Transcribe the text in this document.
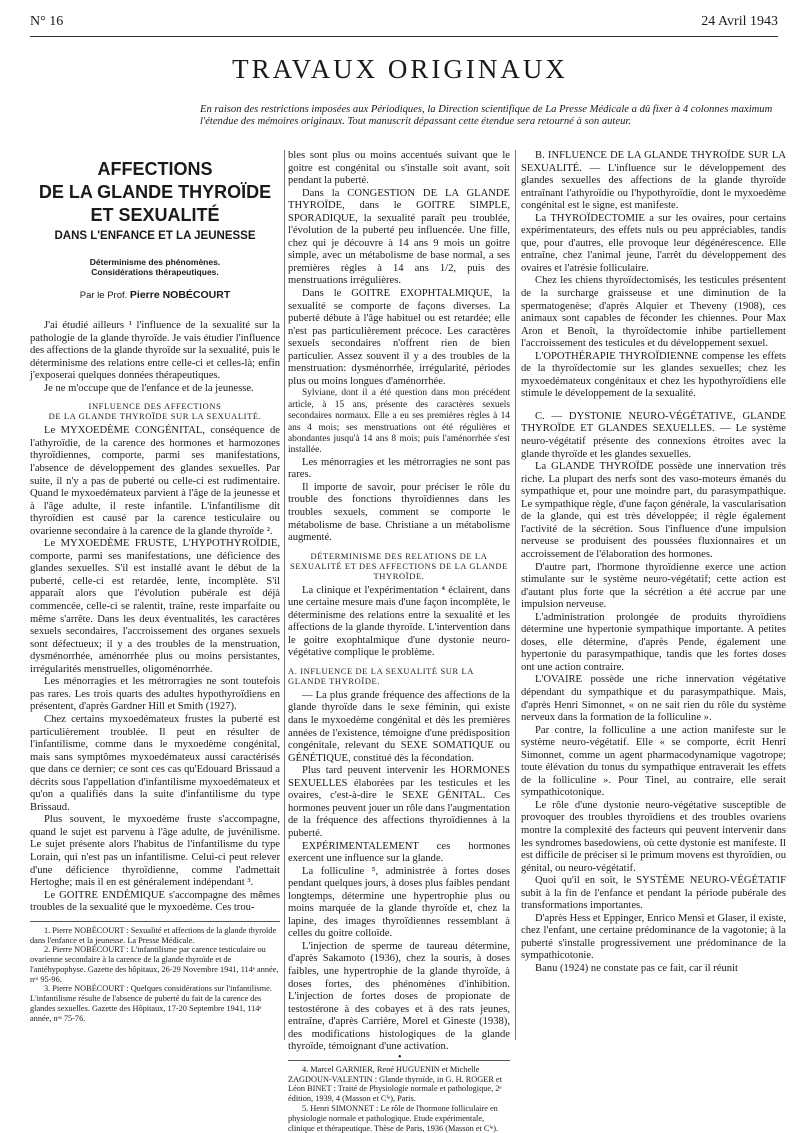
N° 16	24 Avril 1943
TRAVAUX ORIGINAUX
En raison des restrictions imposées aux Périodiques, la Direction scientifique de La Presse Médicale a dû fixer à 4 colonnes maximum l'étendue des mémoires originaux. Tout manuscrit dépassant cette étendue sera retourné à son auteur.
AFFECTIONS
DE LA GLANDE THYROÏDE
ET SEXUALITÉ
DANS L'ENFANCE ET LA JEUNESSE
Déterminisme des phénomènes.
Considérations thérapeutiques.
Par le Prof. Pierre NOBÉCOURT

J'ai étudié ailleurs ¹ l'influence de la sexualité sur la pathologie de la glande thyroïde. Je vais étudier l'influence des affections de la glande thyroïde sur la sexualité, puis le déterminisme des relations entre celle-ci et celles-là; enfin j'exposerai quelques données thérapeutiques.

Je ne m'occupe que de l'enfance et de la jeunesse.

INFLUENCE DES AFFECTIONS
DE LA GLANDE THYROÏDE SUR LA SEXUALITÉ.

Le MYXOEDÈME CONGÉNITAL, conséquence de l'athyroïdie, de la carence des hormones et harmozones thyroïdiennes, comporte, parmi ses manifestations, l'absence de développement des glandes sexuelles. Par suite, il n'y a pas de puberté ou celle-ci est rudimentaire. Quand le myxoedémateux parvient à l'âge de la jeunesse et à l'âge adulte, il reste infantile. L'infantilisme dit thyroïdien est causé par la carence testiculaire ou ovarienne secondaire à la carence de la glande thyroïde ².

Le MYXOEDÈME FRUSTE, L'HYPOTHYROÏDIE, comporte, parmi ses manifestations, une déficience des glandes sexuelles. S'il est installé avant le début de la puberté, celle-ci est retardée, lente, incomplète. S'il apparaît alors que l'évolution pubérale est déjà commencée, celle-ci se ralentit, traîne, reste imparfaite ou même s'arrête. Dans les deux éventualités, les caractères sexuels secondaires, l'accroissement des organes sexuels sont défectueux; il y a des troubles de la menstruation, dysménorrhée, aménorrhée plus ou moins persistantes, irrégularités menstruelles, oligoménorrhée.

Les ménorragies et les métrorragies ne sont toutefois pas rares. Les trois quarts des adultes hypothyroïdiens en présentent, d'après Gardner Hill et Smith (1927).

Chez certains myxoedémateux frustes la puberté est particulièrement troublée. Il peut en résulter de l'infantilisme, comme dans le myxoedème congénital, mais sans symptômes myxoedémateux aussi caractérisés que dans ce dernier; ce sont ces cas qu'Edouard Brissaud a décrits sous l'appellation d'infantilisme myxoedémateux et qu'on a qualifiés dans la suite d'infantilisme du type Brissaud.

Plus souvent, le myxoedème fruste s'accompagne, quand le sujet est parvenu à l'âge adulte, de juvénilisme. Le sujet présente alors l'habitus de l'infantilisme du type Lorain, qui n'est pas un infantilisme. Celui-ci peut relever d'une déficience thyroïdienne, comme l'admettait Hertoghe; mais il en est généralement indépendant ³.

Le GOITRE ENDÉMIQUE s'accompagne des mêmes troubles de la sexualité que le myxoedème. Ces trou-

1. Pierre NOBÉCOURT : Sexualité et affections de la glande thyroïde dans l'enfance et la jeunesse. La Presse Médicale.

2. Pierre NOBÉCOURT : L'infantilisme par carence testiculaire ou ovarienne secondaire à la carence de la glande thyroïde et de l'antéhypophyse. Gazette des hôpitaux, 26-29 Novembre 1941, 114ᵉ année, nᵒˢ 95-96.

3. Pierre NOBÉCOURT : Quelques considérations sur l'infantilisme. L'infantilisme résulte de l'absence de puberté du fait de la carence des glandes sexuelles. Gazette des Hôpitaux, 17-20 Septembre 1941, 114ᵉ année, nᵒˢ 75-76.

bles sont plus ou moins accentués suivant que le goitre est congénital ou s'installe soit avant, soit pendant la puberté.

Dans la CONGESTION DE LA GLANDE THYROÏDE, dans le GOITRE SIMPLE, SPORADIQUE, la sexualité paraît peu troublée, l'évolution de la puberté peu influencée. Une fille, chez qui je découvre à 14 ans 9 mois un goitre simple, avec un métabolisme de base normal, a ses premières règles à 14 ans 1/2, puis des menstruations irrégulières.

Dans le GOITRE EXOPHTALMIQUE, la sexualité se comporte de façons diverses. La puberté débute à l'âge habituel ou est retardée; elle n'est pas particulièrement précoce. Les caractères sexuels secondaires n'offrent rien de bien particulier. Assez souvent il y a des troubles de la menstruation: dysménorrhée, irrégularité, périodes plus ou moins longues d'aménorrhée.

Sylviane, dont il a été question dans mon précédent article, à 15 ans, présente des caractères sexuels secondaires normaux. Elle a eu ses premières règles à 14 ans 4 mois; ses menstruations ont été régulières et abondantes jusqu'à 14 ans 8 mois; puis l'aménorrhée s'est installée.

Les ménorragies et les métrorragies ne sont pas rares.

Il importe de savoir, pour préciser le rôle du trouble des fonctions thyroïdiennes dans les troubles sexuels, comment se comporte le métabolisme de base. Christiane a un métabolisme augmenté.

DÉTERMINISME DES RELATIONS DE LA SEXUALITÉ ET DES AFFECTIONS DE LA GLANDE THYROÏDE.

La clinique et l'expérimentation ⁴ éclairent, dans une certaine mesure mais d'une façon incomplète, le déterminisme des relations entre la sexualité et les affections de la glande thyroïde. L'intervention dans le goitre exophtalmique d'une dystonie neuro-végétative complique le problème.

A. INFLUENCE DE LA SEXUALITÉ SUR LA GLANDE THYROÏDE.

— La plus grande fréquence des affections de la glande thyroïde dans le sexe féminin, qui existe dans le myxoedème congénital et dès les premières années de l'existence, témoigne d'une prédisposition congénitale, relevant du SEXE SOMATIQUE ou GÉNÉTIQUE, constitué dès la fécondation.

Plus tard peuvent intervenir les HORMONES SEXUELLES élaborées par les testicules et les ovaires, c'est-à-dire le SEXE GÉNITAL. Ces hormones peuvent jouer un rôle dans l'augmentation de la fréquence des affections thyroïdiennes à la puberté.

EXPÉRIMENTALEMENT ces hormones exercent une influence sur la glande.

La folliculine ⁵, administrée à fortes doses pendant quelques jours, à doses plus faibles pendant longtemps, détermine une hypertrophie plus ou moins marquée de la glande thyroïde et, chez la lapine, des images thyroïdiennes ressemblant à celles du goitre colloïde.

L'injection de sperme de taureau détermine, d'après Sakamoto (1936), chez la souris, à doses faibles, une hypertrophie de la glande thyroïde, à doses fortes, des phénomènes d'inhibition. L'injection de fortes doses de propionate de testostérone à des cobayes et à des rats jeunes, entraîne, d'après Carrière, Morel et Gineste (1938), des modifications histologiques de la glande thyroïde, témoignant d'une activation.

4. Marcel GARNIER, René HUGUENIN et Michelle ZAGDOUN-VALENTIN : Glande thyroïde, in G. H. ROGER et Léon BINET : Traité de Physiologie normale et pathologique, 2ᵉ édition, 1939, 4 (Masson et Cⁱᵉ), Paris.

5. Henri SIMONNET : Le rôle de l'hormone folliculaire en physiologie normale et pathologique. Etude expérimentale, clinique et thérapeutique. Thèse de Paris, 1936 (Masson et Cⁱᵉ).

B. INFLUENCE DE LA GLANDE THYROÏDE SUR LA SEXUALITÉ. — L'influence sur le développement des glandes sexuelles des affections de la glande thyroïde entraînant l'athyroïdie ou l'hypothyroïdie, dont le myxoedème congénital est le signe, est manifeste.

La THYROÏDECTOMIE a sur les ovaires, pour certains expérimentateurs, des effets nuls ou peu appréciables, tandis que, pour d'autres, elle provoque leur dégénérescence. Elle entraîne, chez l'animal jeune, l'arrêt du développement des ovaires et l'atrésie folliculaire.

Chez les chiens thyroïdectomisés, les testicules présentent de la surcharge graisseuse et une diminution de la spermatogenèse; d'après Alquier et Theveny (1908), ces animaux sont capables de féconder les chiennes. Pour Max Aron et Benoît, la thyroïdectomie inhibe partiellement l'accroissement des testicules et du développement sexuel.

L'OPOTHÉRAPIE THYROÏDIENNE compense les effets de la thyroïdectomie sur les glandes sexuelles; chez les myxoedémateux congénitaux et chez les hypothyroïdiens elle stimule le développement de la sexualité.

C. — DYSTONIE NEURO-VÉGÉTATIVE, GLANDE THYROÏDE ET GLANDES SEXUELLES. — Le système neuro-végétatif présente des connexions étroites avec la glande thyroïde et les glandes sexuelles.

La GLANDE THYROÏDE possède une innervation très riche. La plupart des nerfs sont des vaso-moteurs émanés du sympathique et, pour une moindre part, du parasympathique. Le sympathique règle, d'une façon générale, la vascularisation de la glande, qui est très développée; il règle également l'activité de la sécrétion. Sous l'influence d'une impulsion nerveuse se produisent des poussées fluxionnaires et un accroissement de l'élaboration des hormones.

D'autre part, l'hormone thyroïdienne exerce une action stimulante sur le système neuro-végétatif; cette action est d'autant plus forte que la sécrétion a été accrue par une impulsion nerveuse.

L'administration prolongée de produits thyroïdiens détermine une hypertonie sympathique importante. A petites doses, elle détermine, d'après Pende, également une hypertonie du parasympathique, tandis que les fortes doses ont une action contraire.

L'OVAIRE possède une riche innervation végétative dépendant du sympathique et du parasympathique. Mais, d'après Henri Simonnet, « on ne sait rien du rôle du système nerveux dans la formation de la folliculine ».

Par contre, la folliculine a une action manifeste sur le système neuro-végétatif. Elle « se comporte, écrit Henri Simonnet, comme un agent pharmacodynamique vagotrope; toute élévation du tonus du sympathique entraverait les effets de la folliculine ». Pour Tinel, au contraire, elle serait sympathicotonique.

Le rôle d'une dystonie neuro-végétative susceptible de provoquer des troubles thyroïdiens et des troubles ovariens montre la complexité des facteurs qui peuvent intervenir dans les syndromes basedowiens, où cette dystonie est manifeste. Il est difficile de préciser si le primum movens est thyroïdien, ou génital, ou neuro-végétatif.

Quoi qu'il en soit, le SYSTÈME NEURO-VÉGÉTATIF subit à la fin de l'enfance et pendant la période pubérale des transformations importantes.

D'après Hess et Eppinger, Enrico Mensi et Glaser, il existe, chez l'enfant, une certaine prédominance de la vagotonie; à la puberté s'installe progressivement une prédominance de la sympathicotonie.

Banu (1924) ne constate pas ce fait, car il réunit

•
